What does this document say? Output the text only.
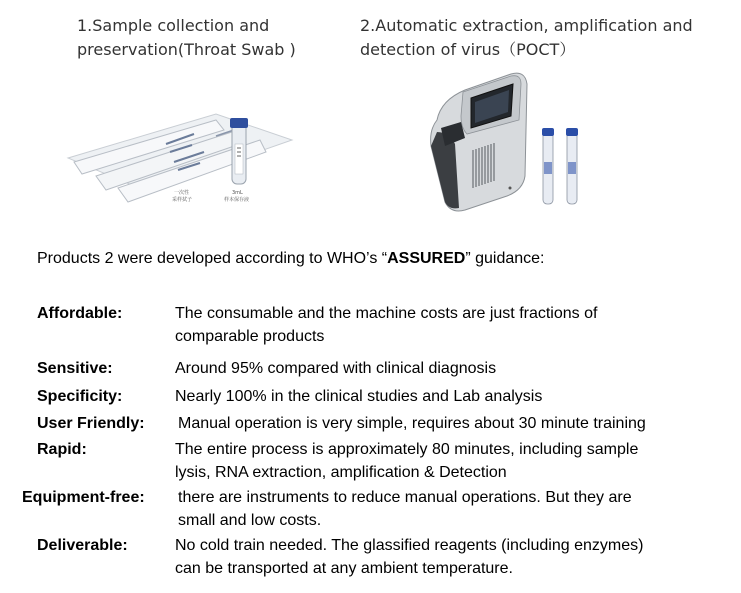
1.Sample collection and
preservation(Throat Swab )
2.Automatic extraction, amplification and
detection of virus（POCT）
一次性
采样拭子
3mL
样本保存液
Products 2 were developed according to WHO’s “ASSURED” guidance:
Affordable:	The consumable and the machine costs are just fractions of
comparable products
Sensitive:	Around 95% compared with clinical diagnosis
Specificity:	Nearly 100% in the clinical studies and Lab analysis
User Friendly: Manual operation is very simple, requires about 30 minute training
Rapid:	The entire process is approximately 80 minutes, including sample
lysis, RNA extraction, amplification & Detection
Equipment-free: there are instruments to reduce manual operations. But they are
small and low costs.
Deliverable:	No cold train needed. The glassified reagents (including enzymes)
can be transported at any ambient temperature.
